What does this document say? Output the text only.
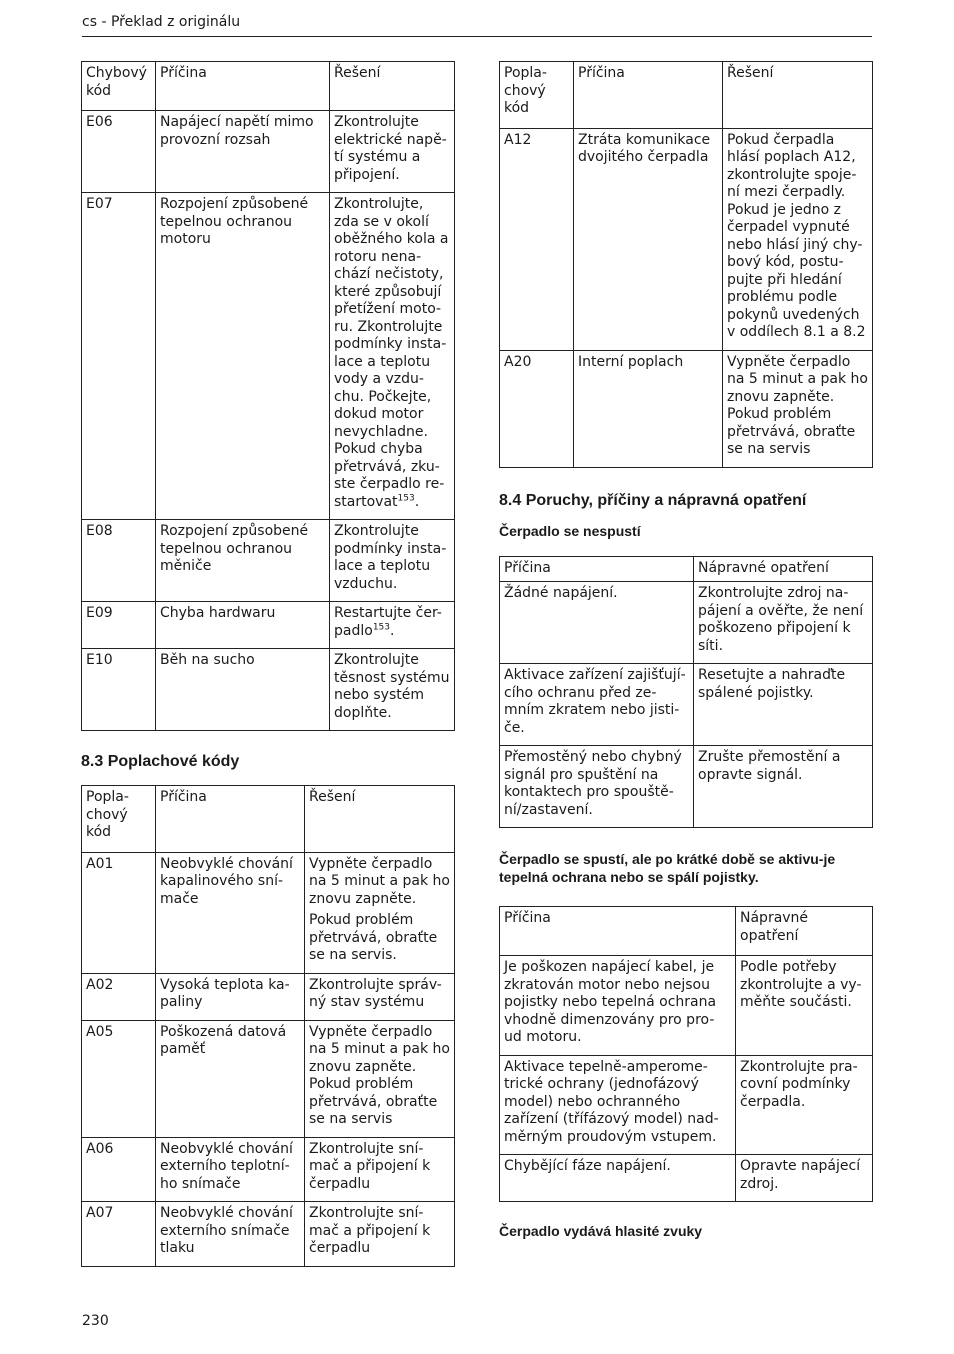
cs - Překlad z originálu
Chybový kód	Příčina	Řešení
E06	Napájecí napětí mimo provozní rozsah	Zkontrolujte elektrické napě-tí systému a připojení.
E07	Rozpojení způsobené tepelnou ochranou motoru	Zkontrolujte, zda se v okolí oběžného kola a rotoru nena-chází nečistoty, které způsobují přetížení moto-ru. Zkontrolujte podmínky insta-lace a teplotu vody a vzdu-chu. Počkejte, dokud motor nevychladne. Pokud chyba přetrvává, zku-ste čerpadlo re-startovat$^{153}$.
E08	Rozpojení způsobené tepelnou ochranou měniče	Zkontrolujte podmínky insta-lace a teplotu vzduchu.
E09	Chyba hardwaru	Restartujte čer-padlo$^{153}$.
E10	Běh na sucho	Zkontrolujte těsnost systému nebo systém doplňte.
8.3 Poplachové kódy
Popla-chový kód	Příčina	Řešení
A01	Neobvyklé chování kapalinového sní-mače	Vypněte čerpadlo na 5 minut a pak ho znovu zapněte.
Pokud problém přetrvává, obraťte se na servis.

A02	Vysoká teplota ka-paliny	Zkontrolujte správ-ný stav systému
A05	Poškozená datová paměť	Vypněte čerpadlo na 5 minut a pak ho znovu zapněte. Pokud problém přetrvává, obraťte se na servis
A06	Neobvyklé chování externího teplotní-ho snímače	Zkontrolujte sní-mač a připojení k čerpadlu
A07	Neobvyklé chování externího snímače tlaku	Zkontrolujte sní-mač a připojení k čerpadlu
Popla-chový kód	Příčina	Řešení
A12	Ztráta komunikace dvojitého čerpadla	Pokud čerpadla hlásí poplach A12, zkontrolujte spoje-ní mezi čerpadly. Pokud je jedno z čerpadel vypnuté nebo hlásí jiný chy-bový kód, postu-pujte při hledání problému podle pokynů uvedených v oddílech 8.1 a 8.2
A20	Interní poplach	Vypněte čerpadlo na 5 minut a pak ho znovu zapněte. Pokud problém přetrvává, obraťte se na servis
8.4 Poruchy, příčiny a nápravná opatření
Čerpadlo se nespustí
Příčina	Nápravné opatření
Žádné napájení.	Zkontrolujte zdroj na-pájení a ověřte, že není poškozeno připojení k síti.
Aktivace zařízení zajišťují-cího ochranu před ze-mním zkratem nebo jisti-če.	Resetujte a nahraďte spálené pojistky.
Přemostěný nebo chybný signál pro spuštění na kontaktech pro spouště-ní/zastavení.	Zrušte přemostění a opravte signál.
Čerpadlo se spustí, ale po krátké době se aktivu-je tepelná ochrana nebo se spálí pojistky.
Příčina	Nápravné opatření
Je poškozen napájecí kabel, je zkratován motor nebo nejsou pojistky nebo tepelná ochrana vhodně dimenzovány pro pro-ud motoru.	Podle potřeby zkontrolujte a vy-měňte součásti.
Aktivace tepelně-amperome-trické ochrany (jednofázový model) nebo ochranného zařízení (třífázový model) nad-měrným proudovým vstupem.	Zkontrolujte pra-covní podmínky čerpadla.
Chybějící fáze napájení.	Opravte napájecí zdroj.
Čerpadlo vydává hlasité zvuky
230
